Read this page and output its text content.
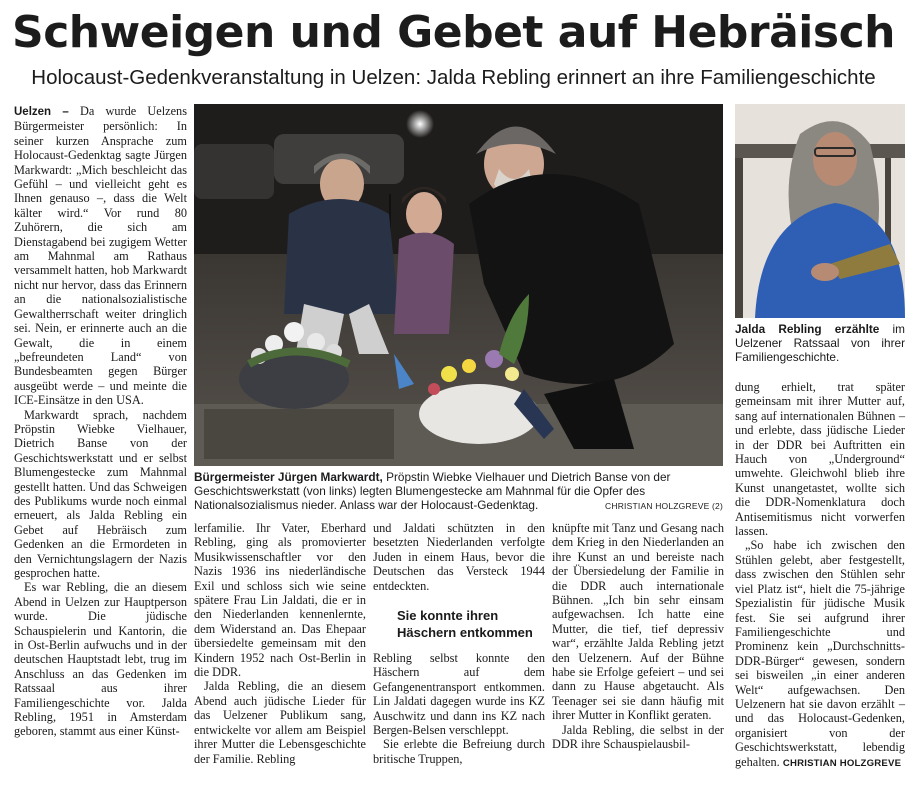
Schweigen und Gebet auf Hebräisch
Holocaust-Gedenkveranstaltung in Uelzen: Jalda Rebling erinnert an ihre Familiengeschichte

Uelzen – Da wurde Uelzens Bürgermeister persönlich: In seiner kurzen Ansprache zum Holocaust-Gedenktag sagte Jürgen Markwardt: „Mich beschleicht das Gefühl – und vielleicht geht es Ihnen genauso –, dass die Welt kälter wird.“ Vor rund 80 Zuhörern, die sich am Dienstagabend bei zugigem Wetter am Mahnmal am Rathaus versammelt hatten, hob Markwardt nicht nur hervor, dass das Erinnern an die nationalsozialistische Gewaltherrschaft weiter dringlich sei. Nein, er erinnerte auch an die Gewalt, die in einem „befreundeten Land“ von Bundesbeamten gegen Bürger ausgeübt werde – und meinte die ICE-Einsätze in den USA.

Markwardt sprach, nachdem Pröpstin Wiebke Vielhauer, Dietrich Banse von der Geschichtswerkstatt und er selbst Blumengestecke zum Mahnmal gestellt hatten. Und das Schweigen des Publikums wurde noch einmal erneuert, als Jalda Rebling ein Gebet auf Hebräisch zum Gedenken an die Ermordeten in den Vernichtungslagern der Nazis gesprochen hatte.

Es war Rebling, die an diesem Abend in Uelzen zur Hauptperson wurde. Die jüdische Schauspielerin und Kantorin, die in Ost-Berlin aufwuchs und in der deutschen Hauptstadt lebt, trug im Anschluss an das Gedenken im Ratssaal aus ihrer Familiengeschichte vor. Jalda Rebling, 1951 in Amsterdam geboren, stammt aus einer Künst-

Bürgermeister Jürgen Markwardt, Pröpstin Wiebke Vielhauer und Dietrich Banse von der Geschichtswerkstatt (von links) legten Blumengestecke am Mahnmal für die Opfer des Nationalsozialismus nieder. Anlass war der Holocaust-Gedenktag.	CHRISTIAN HOLZGREVE (2)
Jalda Rebling erzählte im Uelzener Ratssaal von ihrer Familiengeschichte.

lerfamilie. Ihr Vater, Eberhard Rebling, ging als promovierter Musikwissenschaftler vor den Nazis 1936 ins niederländische Exil und schloss sich wie seine spätere Frau Lin Jaldati, die er in den Niederlanden kennenlernte, dem Widerstand an. Das Ehepaar übersiedelte gemeinsam mit den Kindern 1952 nach Ost-Berlin in die DDR.

Jalda Rebling, die an diesem Abend auch jüdische Lieder für das Uelzener Publikum sang, entwickelte vor allem am Beispiel ihrer Mutter die Lebensgeschichte der Familie. Rebling

und Jaldati schützten in den besetzten Niederlanden verfolgte Juden in einem Haus, bevor die Deutschen das Versteck 1944 entdeckten.

Sie konnte ihren Häschern entkommen

Rebling selbst konnte den Häschern auf dem Gefangenentransport entkommen. Lin Jaldati dagegen wurde ins KZ Auschwitz und dann ins KZ nach Bergen-Belsen verschleppt.

Sie erlebte die Befreiung durch britische Truppen,

knüpfte mit Tanz und Gesang nach dem Krieg in den Niederlanden an ihre Kunst an und bereiste nach der Übersiedelung der Familie in die DDR auch internationale Bühnen. „Ich bin sehr einsam aufgewachsen. Ich hatte eine Mutter, die tief, tief depressiv war“, erzählte Jalda Rebling jetzt den Uelzenern. Auf der Bühne habe sie Erfolge gefeiert – und sei dann zu Hause abgetaucht. Als Teenager sei sie dann häufig mit ihrer Mutter in Konflikt geraten.

Jalda Rebling, die selbst in der DDR ihre Schauspielausbil-

dung erhielt, trat später gemeinsam mit ihrer Mutter auf, sang auf internationalen Bühnen – und erlebte, dass jüdische Lieder in der DDR bei Auftritten ein Hauch von „Underground“ umwehte. Gleichwohl blieb ihre Kunst unangetastet, wollte sich die DDR-Nomenklatura doch Antisemitismus nicht vorwerfen lassen.

„So habe ich zwischen den Stühlen gelebt, aber festgestellt, dass zwischen den Stühlen sehr viel Platz ist“, hielt die 75-jährige Spezialistin für jüdische Musik fest. Sie sei aufgrund ihrer Familiengeschichte und Prominenz kein „Durchschnitts-DDR-Bürger“ gewesen, sondern sei bisweilen „in einer anderen Welt“ aufgewachsen. Den Uelzenern hat sie davon erzählt – und das Holocaust-Gedenken, organisiert von der Geschichtswerkstatt, lebendig gehalten. CHRISTIAN HOLZGREVE
